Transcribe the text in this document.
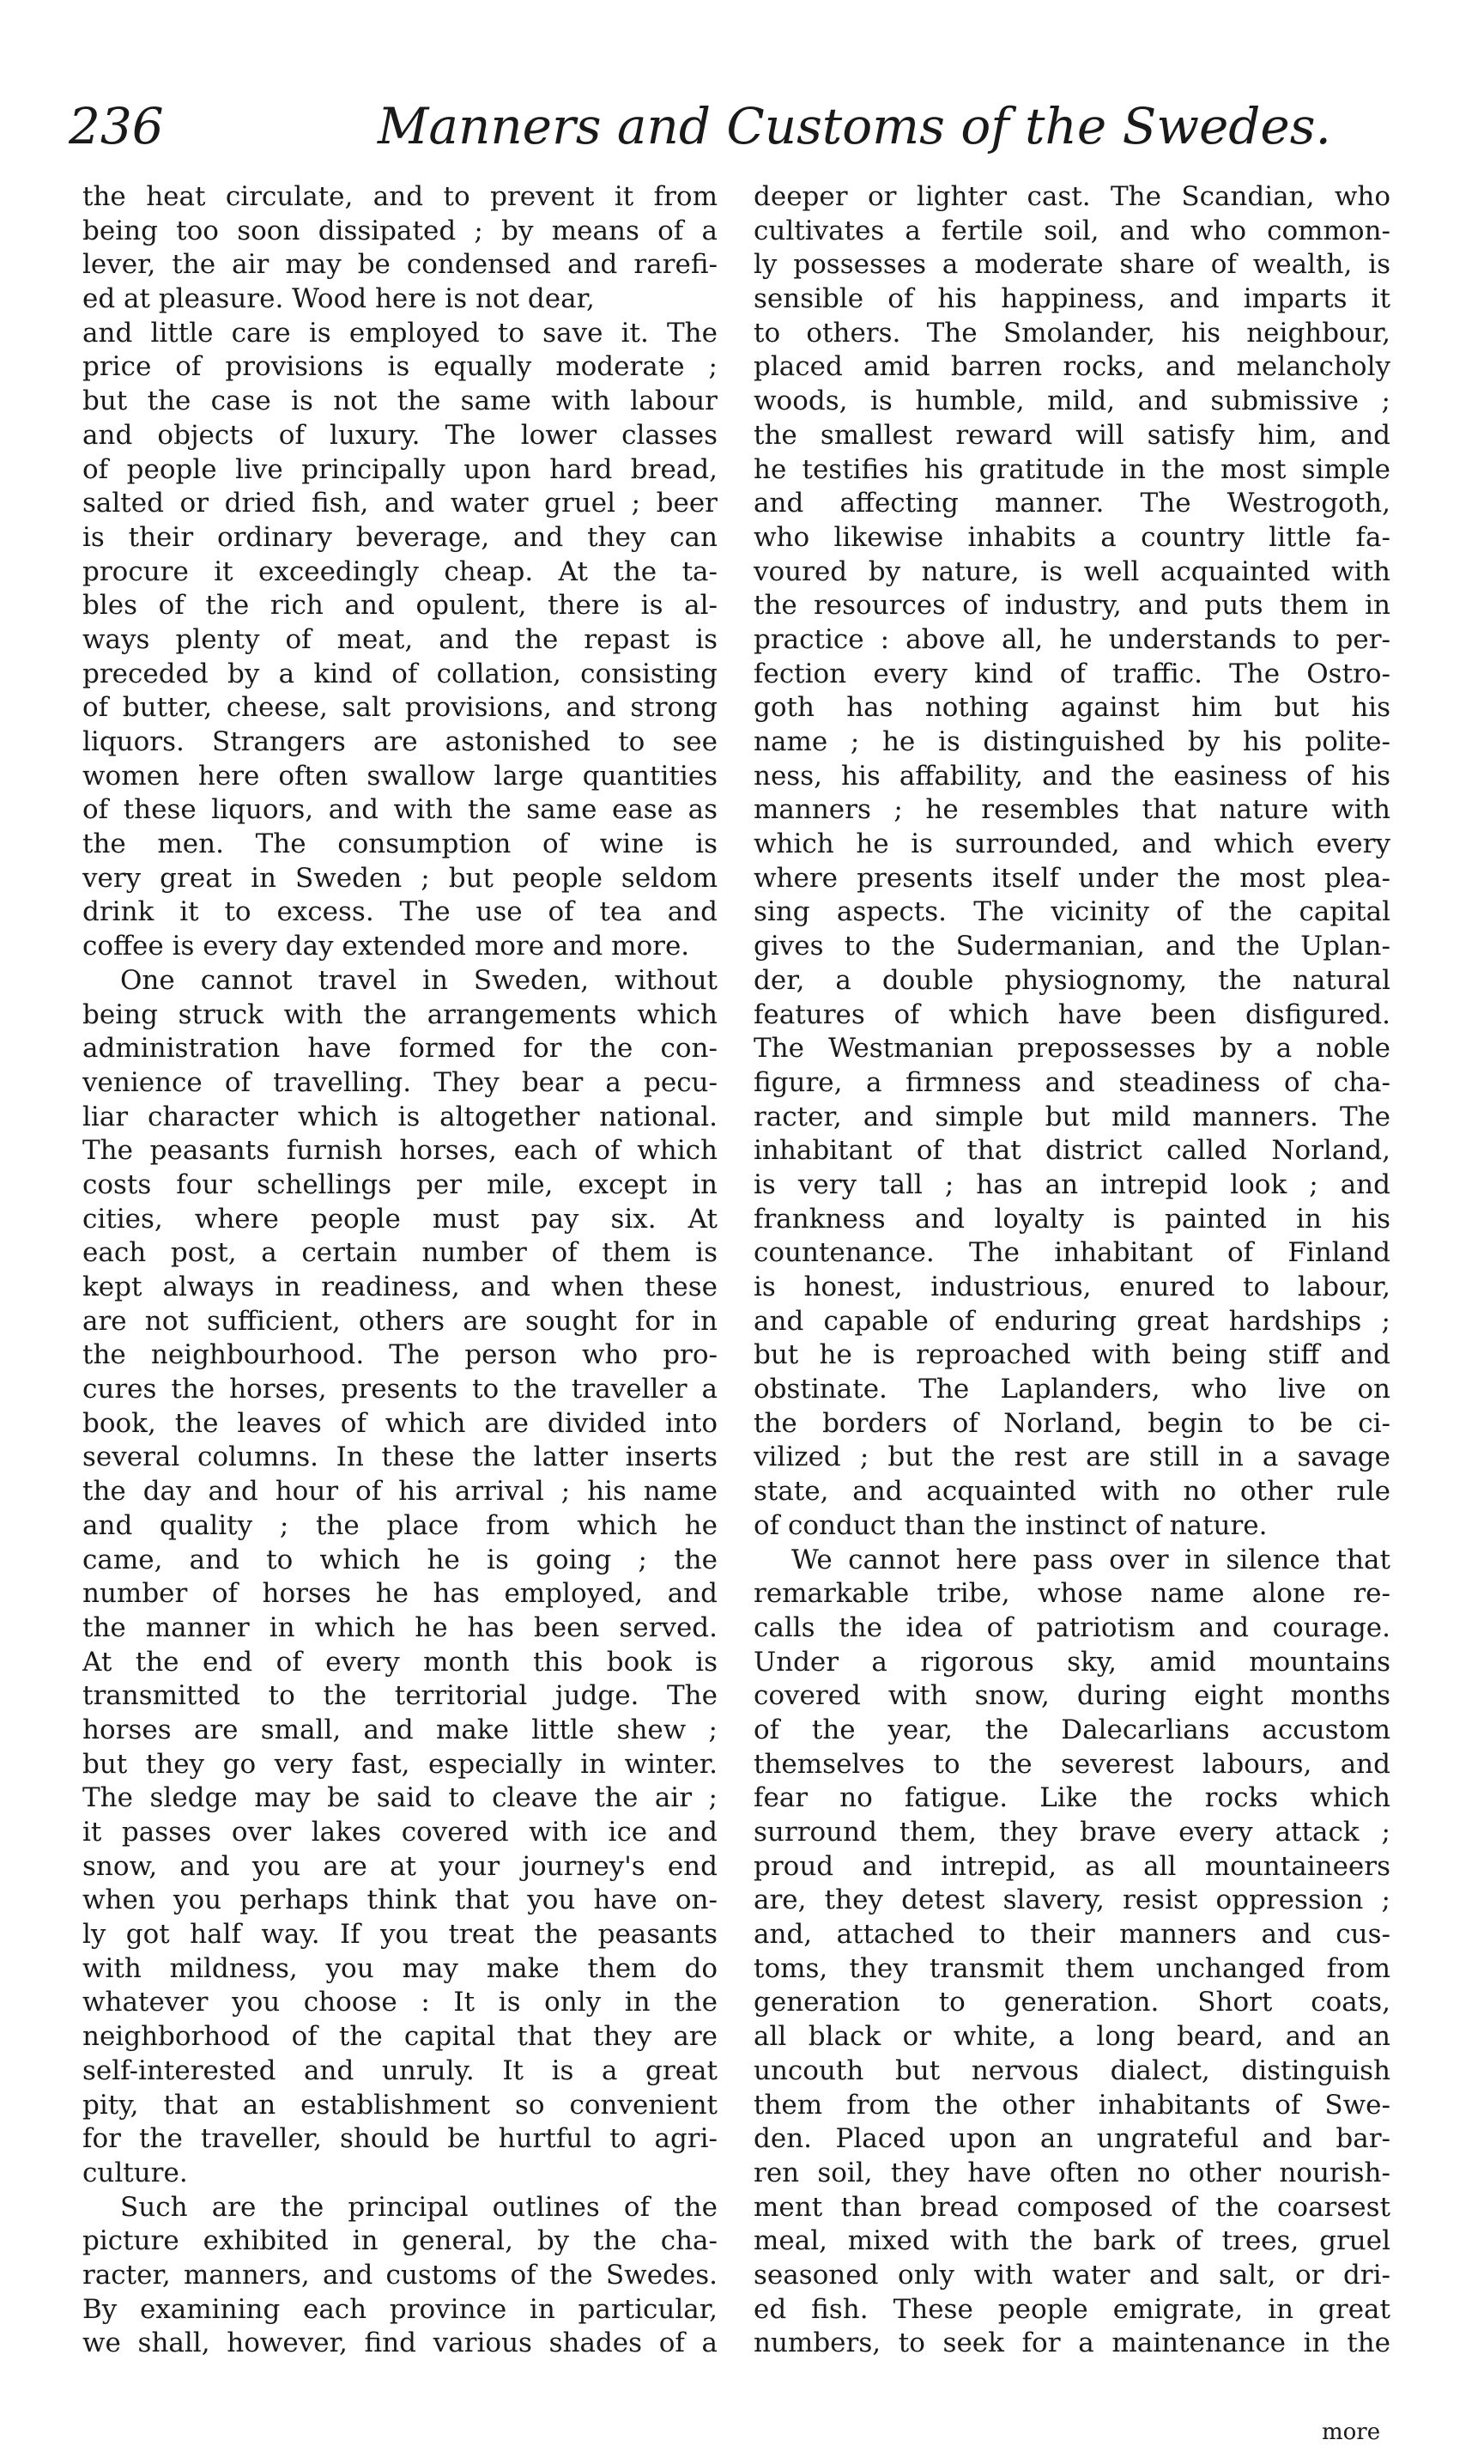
236	Manners and Customs of the Swedes.
the heat circulate, and to prevent it from
being too soon dissipated ; by means of a
lever, the air may be condensed and rarefi-
ed at pleasure. Wood here is not dear,
and little care is employed to save it. The
price of provisions is equally moderate ;
but the case is not the same with labour
and objects of luxury. The lower classes
of people live principally upon hard bread,
salted or dried fish, and water gruel ; beer
is their ordinary beverage, and they can
procure it exceedingly cheap. At the ta-
bles of the rich and opulent, there is al-
ways plenty of meat, and the repast is
preceded by a kind of collation, consisting
of butter, cheese, salt provisions, and strong
liquors. Strangers are astonished to see
women here often swallow large quantities
of these liquors, and with the same ease as
the men. The consumption of wine is
very great in Sweden ; but people seldom
drink it to excess. The use of tea and
coffee is every day extended more and more.
One cannot travel in Sweden, without
being struck with the arrangements which
administration have formed for the con-
venience of travelling. They bear a pecu-
liar character which is altogether national.
The peasants furnish horses, each of which
costs four schellings per mile, except in
cities, where people must pay six. At
each post, a certain number of them is
kept always in readiness, and when these
are not sufficient, others are sought for in
the neighbourhood. The person who pro-
cures the horses, presents to the traveller a
book, the leaves of which are divided into
several columns. In these the latter inserts
the day and hour of his arrival ; his name
and quality ; the place from which he
came, and to which he is going ; the
number of horses he has employed, and
the manner in which he has been served.
At the end of every month this book is
transmitted to the territorial judge. The
horses are small, and make little shew ;
but they go very fast, especially in winter.
The sledge may be said to cleave the air ;
it passes over lakes covered with ice and
snow, and you are at your journey's end
when you perhaps think that you have on-
ly got half way. If you treat the peasants
with mildness, you may make them do
whatever you choose : It is only in the
neighborhood of the capital that they are
self-interested and unruly. It is a great
pity, that an establishment so convenient
for the traveller, should be hurtful to agri-
culture.
Such are the principal outlines of the
picture exhibited in general, by the cha-
racter, manners, and customs of the Swedes.
By examining each province in particular,
we shall, however, find various shades of a
deeper or lighter cast. The Scandian, who
cultivates a fertile soil, and who common-
ly possesses a moderate share of wealth, is
sensible of his happiness, and imparts it
to others. The Smolander, his neighbour,
placed amid barren rocks, and melancholy
woods, is humble, mild, and submissive ;
the smallest reward will satisfy him, and
he testifies his gratitude in the most simple
and affecting manner. The Westrogoth,
who likewise inhabits a country little fa-
voured by nature, is well acquainted with
the resources of industry, and puts them in
practice : above all, he understands to per-
fection every kind of traffic. The Ostro-
goth has nothing against him but his
name ; he is distinguished by his polite-
ness, his affability, and the easiness of his
manners ; he resembles that nature with
which he is surrounded, and which every
where presents itself under the most plea-
sing aspects. The vicinity of the capital
gives to the Sudermanian, and the Uplan-
der, a double physiognomy, the natural
features of which have been disfigured.
The Westmanian prepossesses by a noble
figure, a firmness and steadiness of cha-
racter, and simple but mild manners. The
inhabitant of that district called Norland,
is very tall ; has an intrepid look ; and
frankness and loyalty is painted in his
countenance. The inhabitant of Finland
is honest, industrious, enured to labour,
and capable of enduring great hardships ;
but he is reproached with being stiff and
obstinate. The Laplanders, who live on
the borders of Norland, begin to be ci-
vilized ; but the rest are still in a savage
state, and acquainted with no other rule
of conduct than the instinct of nature.
We cannot here pass over in silence that
remarkable tribe, whose name alone re-
calls the idea of patriotism and courage.
Under a rigorous sky, amid mountains
covered with snow, during eight months
of the year, the Dalecarlians accustom
themselves to the severest labours, and
fear no fatigue. Like the rocks which
surround them, they brave every attack ;
proud and intrepid, as all mountaineers
are, they detest slavery, resist oppression ;
and, attached to their manners and cus-
toms, they transmit them unchanged from
generation to generation. Short coats,
all black or white, a long beard, and an
uncouth but nervous dialect, distinguish
them from the other inhabitants of Swe-
den. Placed upon an ungrateful and bar-
ren soil, they have often no other nourish-
ment than bread composed of the coarsest
meal, mixed with the bark of trees, gruel
seasoned only with water and salt, or dri-
ed fish. These people emigrate, in great
numbers, to seek for a maintenance in the
more
